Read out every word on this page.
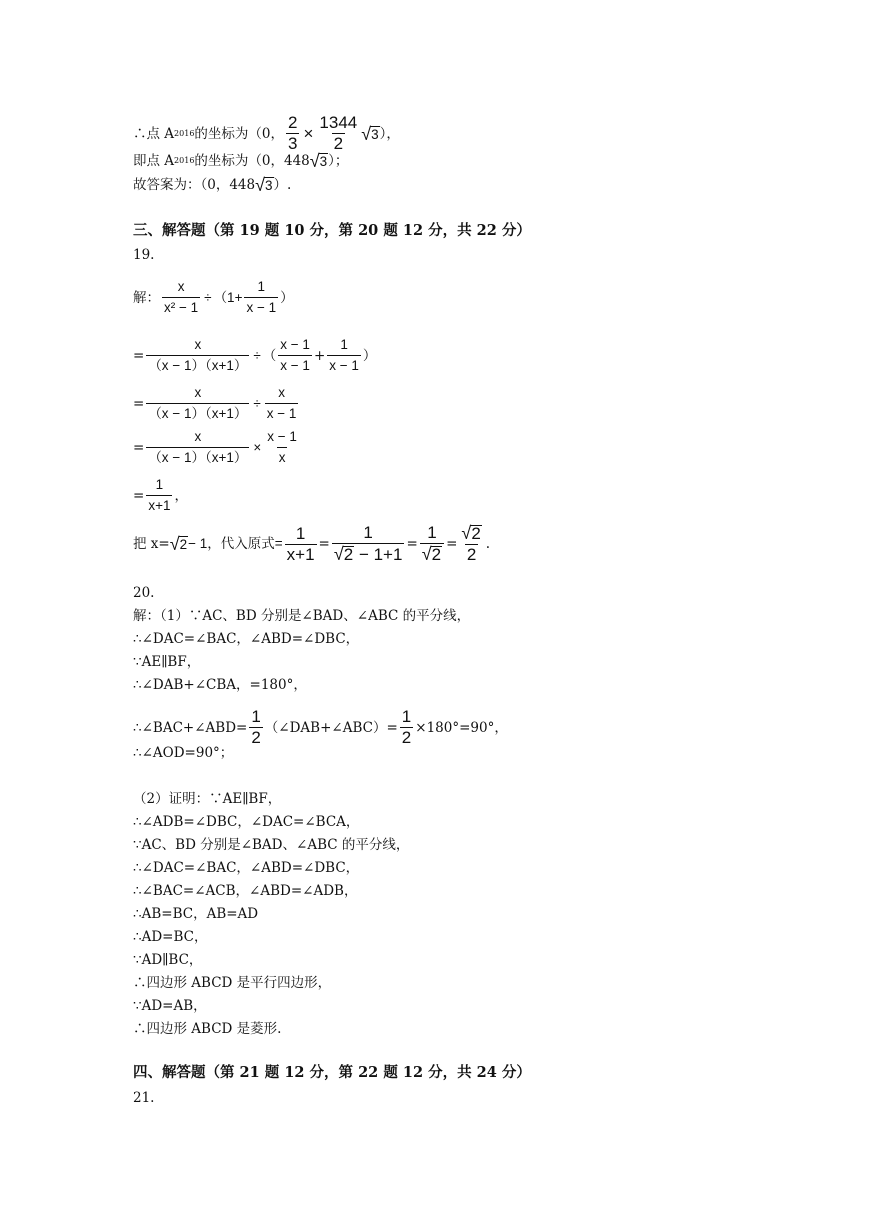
∴点 A 2016 的坐标为（0， $\frac{2}{3} \times \frac{1344}{2}$ √ 3 ），
即点 A 2016 的坐标为（0，448 √ 3 ）；
故答案为：（0，448 √ 3 ）.
三、解答题（第 19 题 10 分，第 20 题 12 分，共 22 分）
19.
解： $\frac{x}{\text{x² − 1}} \div (1+ \frac{1}{x - 1}$ ）
= $\frac{x}{(x - 1)(x+1)}$ ÷ （ $\frac{x - 1}{x - 1} + \frac{1}{x - 1}$ ）
= $\frac{x}{(x - 1)(x+1)} \div \frac{x}{x - 1}$
= $\frac{x}{(x - 1)(x+1)} \times \frac{x - 1}{x}$
= $\frac{1}{x+1}$ ，
把 x= √ 2 − 1，代入原式= $\frac{1}{x+1} = \frac{1}{√ 2 - 1+1} = \frac{1}{√ 2} = \frac{√ 2}{2}$ .
20.
解：（1）∵AC、BD 分别是∠BAD、∠ABC 的平分线，
∴∠DAC=∠BAC，∠ABD=∠DBC，
∵AE∥BF，
∴∠DAB+∠CBA，=180°，
∴∠BAC+∠ABD= $\frac{1}{2}$ （∠DAB+∠ABC）= $\frac{1}{2} \times 180^\circ=90^\circ$，
∴∠AOD=90°；
（2）证明：∵AE∥BF，
∴∠ADB=∠DBC，∠DAC=∠BCA，
∵AC、BD 分别是∠BAD、∠ABC 的平分线，
∴∠DAC=∠BAC，∠ABD=∠DBC，
∴∠BAC=∠ACB，∠ABD=∠ADB，
∴AB=BC，AB=AD
∴AD=BC，
∵AD∥BC，
∴四边形 ABCD 是平行四边形，
∵AD=AB，
∴四边形 ABCD 是菱形.
四、解答题（第 21 题 12 分，第 22 题 12 分，共 24 分）
21.
